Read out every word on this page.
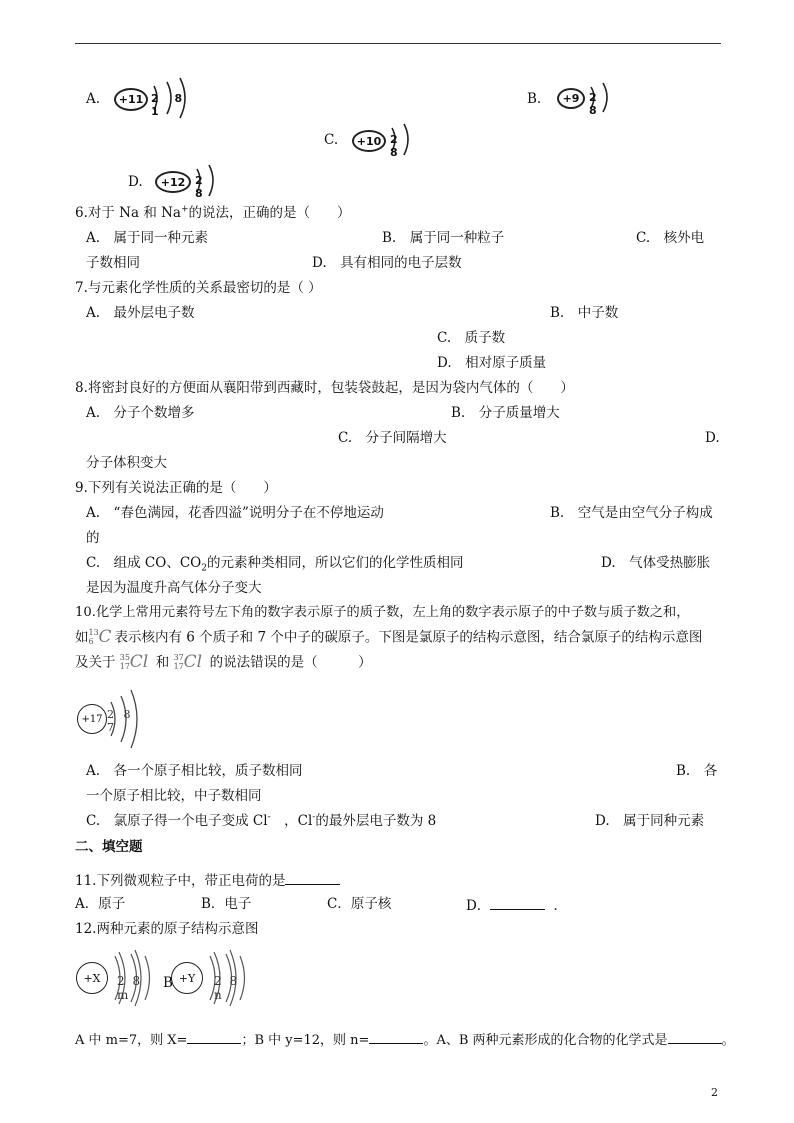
A.	+11 2 8 1
B.	+9 2 8
C.	+10 2 8
D.	+12 2 8
6.对于 Na 和 Na+的说法，正确的是（　　）
A.　属于同一种元素	B.　属于同一种粒子	C.　核外电
子数相同	D.　具有相同的电子层数
7.与元素化学性质的关系最密切的是（ ）
A.　最外层电子数	B.　中子数
C.　质子数
D.　相对原子质量
8.将密封良好的方便面从襄阳带到西藏时，包装袋鼓起，是因为袋内气体的（　　）
A.　分子个数增多	B.　分子质量增大
C.　分子间隔增大	D.
分子体积变大
9.下列有关说法正确的是（　　）
A.　“春色满园，花香四溢”说明分子在不停地运动	B.　空气是由空气分子构成
的
C.　组成 CO、$CO_2$的元素种类相同，所以它们的化学性质相同	D.　气体受热膨胀
是因为温度升高气体分子变大
10.化学上常用元素符号左下角的数字表示原子的质子数，左上角的数字表示原子的中子数与质子数之和，
如 13
6 C 表示核内有 6 个质子和 7 个中子的碳原子。下图是氯原子的结构示意图，结合氯原子的结构示意图
及关于 35
17 Cl 和 37
17 Cl 的说法错误的是（　　　）
+17 2 8 7
A.　各一个原子相比较，质子数相同	B.　各
一个原子相比较，中子数相同
C.　氯原子得一个电子变成 Cl-　，Cl-的最外层电子数为 8	D.　属于同种元素
二、填空题
11.下列微观粒子中，带正电荷的是
A．原子	B．电子	C．原子核	D．	.
12.两种元素的原子结构示意图
+X	2 8 m
B +Y	2 8 n
A 中 m=7，则 X=	；B 中 y=12，则 n=	。A、B 两种元素形成的化合物的化学式是	。
2
